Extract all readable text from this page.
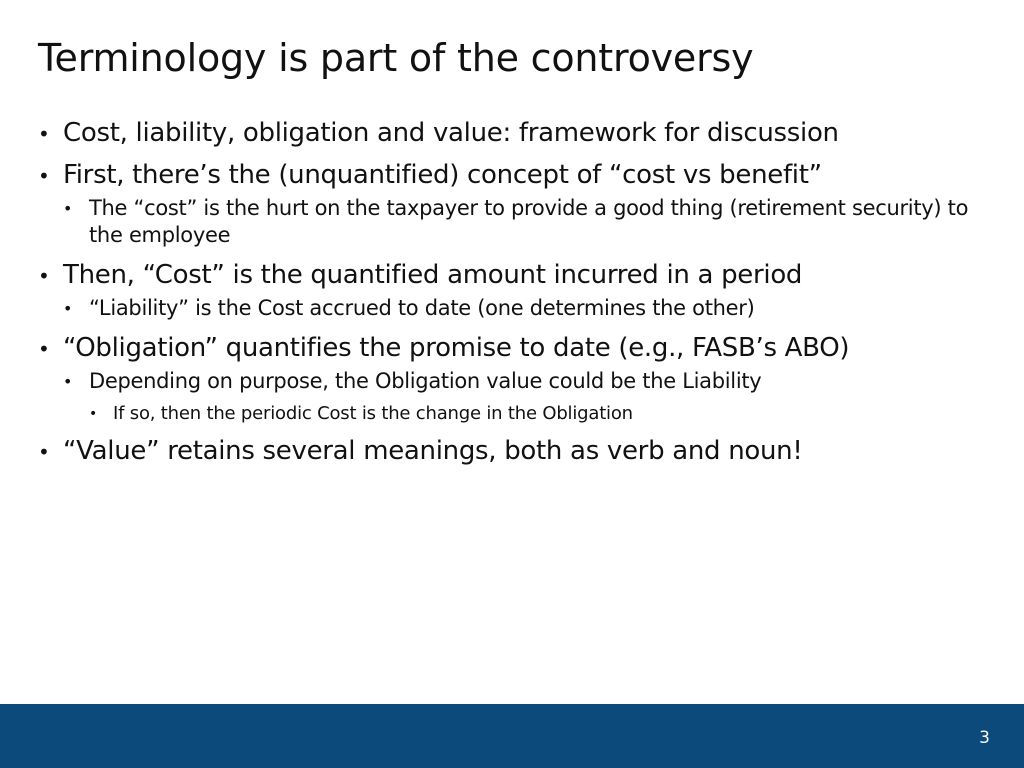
Terminology is part of the controversy
• Cost, liability, obligation and value: framework for discussion
• First, there’s the (unquantified) concept of “cost vs benefit”
• The “cost” is the hurt on the taxpayer to provide a good thing (retirement security) to the employee
• Then, “Cost” is the quantified amount incurred in a period
• “Liability” is the Cost accrued to date (one determines the other)
• “Obligation” quantifies the promise to date (e.g., FASB’s ABO)
• Depending on purpose, the Obligation value could be the Liability
• If so, then the periodic Cost is the change in the Obligation
• “Value” retains several meanings, both as verb and noun!
3
